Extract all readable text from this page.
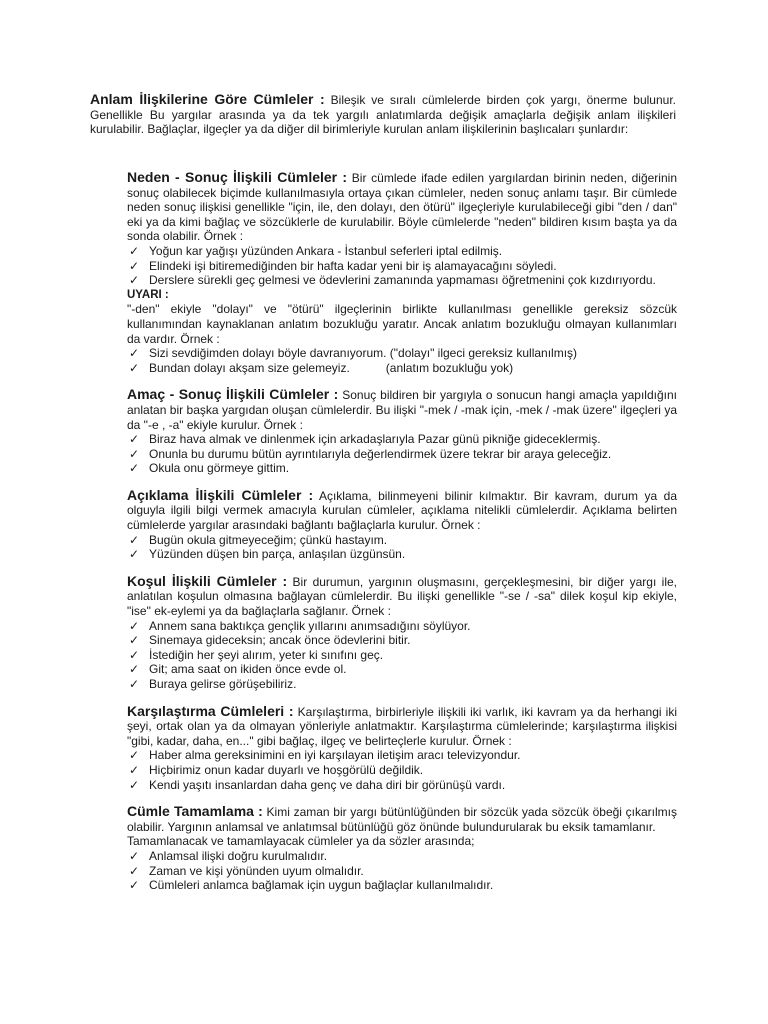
Anlam İlişkilerine Göre Cümleler : Bileşik ve sıralı cümlelerde birden çok yargı, önerme bulunur. Genellikle Bu yargılar arasında ya da tek yargılı anlatımlarda değişik amaçlarla değişik anlam ilişkileri kurulabilir. Bağlaçlar, ilgeçler ya da diğer dil birimleriyle kurulan anlam ilişkilerinin başlıcaları şunlardır:

Neden - Sonuç İlişkili Cümleler : Bir cümlede ifade edilen yargılardan birinin neden, diğerinin sonuç olabilecek biçimde kullanılmasıyla ortaya çıkan cümleler, neden sonuç anlamı taşır. Bir cümlede neden sonuç ilişkisi genellikle "için, ile, den dolayı, den ötürü" ilgeçleriyle kurulabileceği gibi "den / dan" eki ya da kimi bağlaç ve sözcüklerle de kurulabilir. Böyle cümlelerde "neden" bildiren kısım başta ya da sonda olabilir. Örnek :

✓ Yoğun kar yağışı yüzünden Ankara - İstanbul seferleri iptal edilmiş.
✓ Elindeki işi bitiremediğinden bir hafta kadar yeni bir iş alamayacağını söyledi.
✓ Derslere sürekli geç gelmesi ve ödevlerini zamanında yapmaması öğretmenini çok kızdırıyordu.

UYARI :

"-den" ekiyle "dolayı" ve "ötürü" ilgeçlerinin birlikte kullanılması genellikle gereksiz sözcük kullanımından kaynaklanan anlatım bozukluğu yaratır. Ancak anlatım bozukluğu olmayan kullanımları da vardır. Örnek :

✓ Sizi sevdiğimden dolayı böyle davranıyorum. ("dolayı" ilgeci gereksiz kullanılmış)
✓ Bundan dolayı akşam size gelemeyiz.	(anlatım bozukluğu yok)

Amaç - Sonuç İlişkili Cümleler : Sonuç bildiren bir yargıyla o sonucun hangi amaçla yapıldığını anlatan bir başka yargıdan oluşan cümlelerdir. Bu ilişki "-mek / -mak için, -mek / -mak üzere" ilgeçleri ya da "-e , -a" ekiyle kurulur. Örnek :

✓ Biraz hava almak ve dinlenmek için arkadaşlarıyla Pazar günü pikniğe gideceklermiş.
✓ Onunla bu durumu bütün ayrıntılarıyla değerlendirmek üzere tekrar bir araya geleceğiz.
✓ Okula onu görmeye gittim.

Açıklama İlişkili Cümleler : Açıklama, bilinmeyeni bilinir kılmaktır. Bir kavram, durum ya da olguyla ilgili bilgi vermek amacıyla kurulan cümleler, açıklama nitelikli cümlelerdir. Açıklama belirten cümlelerde yargılar arasındaki bağlantı bağlaçlarla kurulur. Örnek :

✓ Bugün okula gitmeyeceğim; çünkü hastayım.
✓ Yüzünden düşen bin parça, anlaşılan üzgünsün.

Koşul İlişkili Cümleler : Bir durumun, yargının oluşmasını, gerçekleşmesini, bir diğer yargı ile, anlatılan koşulun olmasına bağlayan cümlelerdir. Bu ilişki genellikle "-se / -sa" dilek koşul kip ekiyle, "ise" ek-eylemi ya da bağlaçlarla sağlanır. Örnek :

✓ Annem sana baktıkça gençlik yıllarını anımsadığını söylüyor.
✓ Sinemaya gideceksin; ancak önce ödevlerini bitir.
✓ İstediğin her şeyi alırım, yeter ki sınıfını geç.
✓ Git; ama saat on ikiden önce evde ol.
✓ Buraya gelirse görüşebiliriz.

Karşılaştırma Cümleleri : Karşılaştırma, birbirleriyle ilişkili iki varlık, iki kavram ya da herhangi iki şeyi, ortak olan ya da olmayan yönleriyle anlatmaktır. Karşılaştırma cümlelerinde; karşılaştırma ilişkisi "gibi, kadar, daha, en..." gibi bağlaç, ilgeç ve belirteçlerle kurulur. Örnek :

✓ Haber alma gereksinimini en iyi karşılayan iletişim aracı televizyondur.
✓ Hiçbirimiz onun kadar duyarlı ve hoşgörülü değildik.
✓ Kendi yaşıtı insanlardan daha genç ve daha diri bir görünüşü vardı.

Cümle Tamamlama : Kimi zaman bir yargı bütünlüğünden bir sözcük yada sözcük öbeği çıkarılmış olabilir. Yargının anlamsal ve anlatımsal bütünlüğü göz önünde bulundurularak bu eksik tamamlanır.

Tamamlanacak ve tamamlayacak cümleler ya da sözler arasında;

✓ Anlamsal ilişki doğru kurulmalıdır.
✓ Zaman ve kişi yönünden uyum olmalıdır.
✓ Cümleleri anlamca bağlamak için uygun bağlaçlar kullanılmalıdır.
